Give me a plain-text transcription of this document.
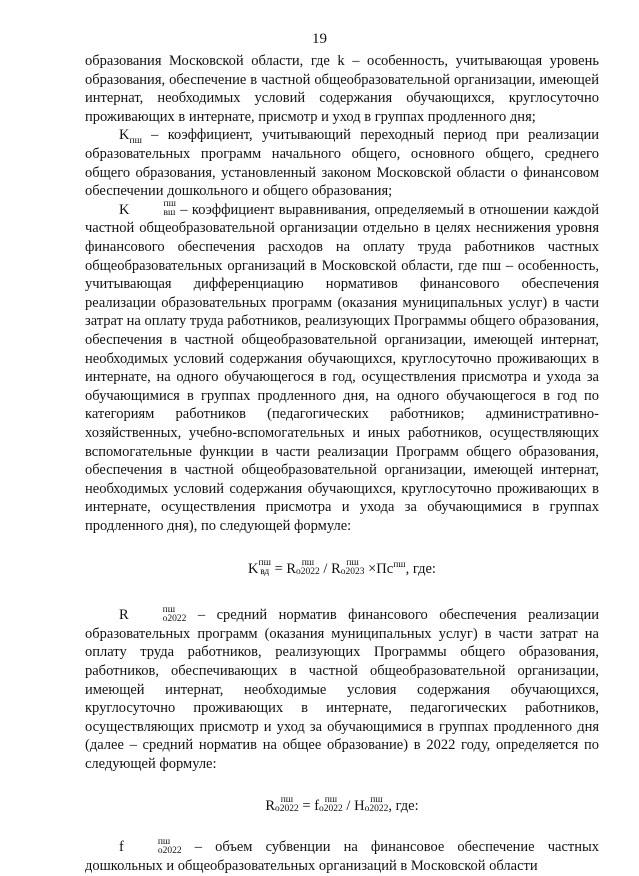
19

образования Московской области, где k – особенность, учитывающая уровень образования, обеспечение в частной общеобразовательной организации, имеющей интернат, необходимых условий содержания обучающихся, круглосуточно проживающих в интернате, присмотр и уход в группах продленного дня;

$K_{пш}$ – коэффициент, учитывающий переходный период при реализации образовательных программ начального общего, основного общего, среднего общего образования, установленный законом Московской области о финансовом обеспечении дошкольного и общего образования;

K	пш
вш – коэффициент выравнивания, определяемый в отношении каждой частной общеобразовательной организации отдельно в целях неснижения уровня финансового обеспечения расходов на оплату труда работников частных общеобразовательных организаций в Московской области, где пш – особенность, учитывающая дифференциацию нормативов финансового обеспечения реализации образовательных программ (оказания муниципальных услуг) в части затрат на оплату труда работников, реализующих Программы общего образования, обеспечения в частной общеобразовательной организации, имеющей интернат, необходимых условий содержания обучающихся, круглосуточно проживающих в интернате, на одного обучающегося в год, осуществления присмотра и ухода за обучающимися в группах продленного дня, на одного обучающегося в год по категориям работников (педагогических работников; административно-хозяйственных, учебно-вспомогательных и иных работников, осуществляющих вспомогательные функции в части реализации Программ общего образования, обеспечения в частной общеобразовательной организации, имеющей интернат, необходимых условий содержания обучающихся, круглосуточно проживающих в интернате, осуществления присмотра и ухода за обучающимися в группах продленного дня), по следующей формуле:

K пш
вд = R пш
o2022 / R пш
$o2023 \times Пс^{пш}$, где:

R	пш
o2022 – средний норматив финансового обеспечения реализации образовательных программ (оказания муниципальных услуг) в части затрат на оплату труда работников, реализующих Программы общего образования, работников, обеспечивающих в частной общеобразовательной организации, имеющей интернат, необходимые условия содержания обучающихся, круглосуточно проживающих в интернате, педагогических работников, осуществляющих присмотр и уход за обучающимися в группах продленного дня (далее – средний норматив на общее образование) в 2022 году, определяется по следующей формуле:

R пш
o2022 = f пш
o2022 / H пш
o2022 , где:

f	пш
o2022 – объем субвенции на финансовое обеспечение частных дошкольных и общеобразовательных организаций в Московской области
